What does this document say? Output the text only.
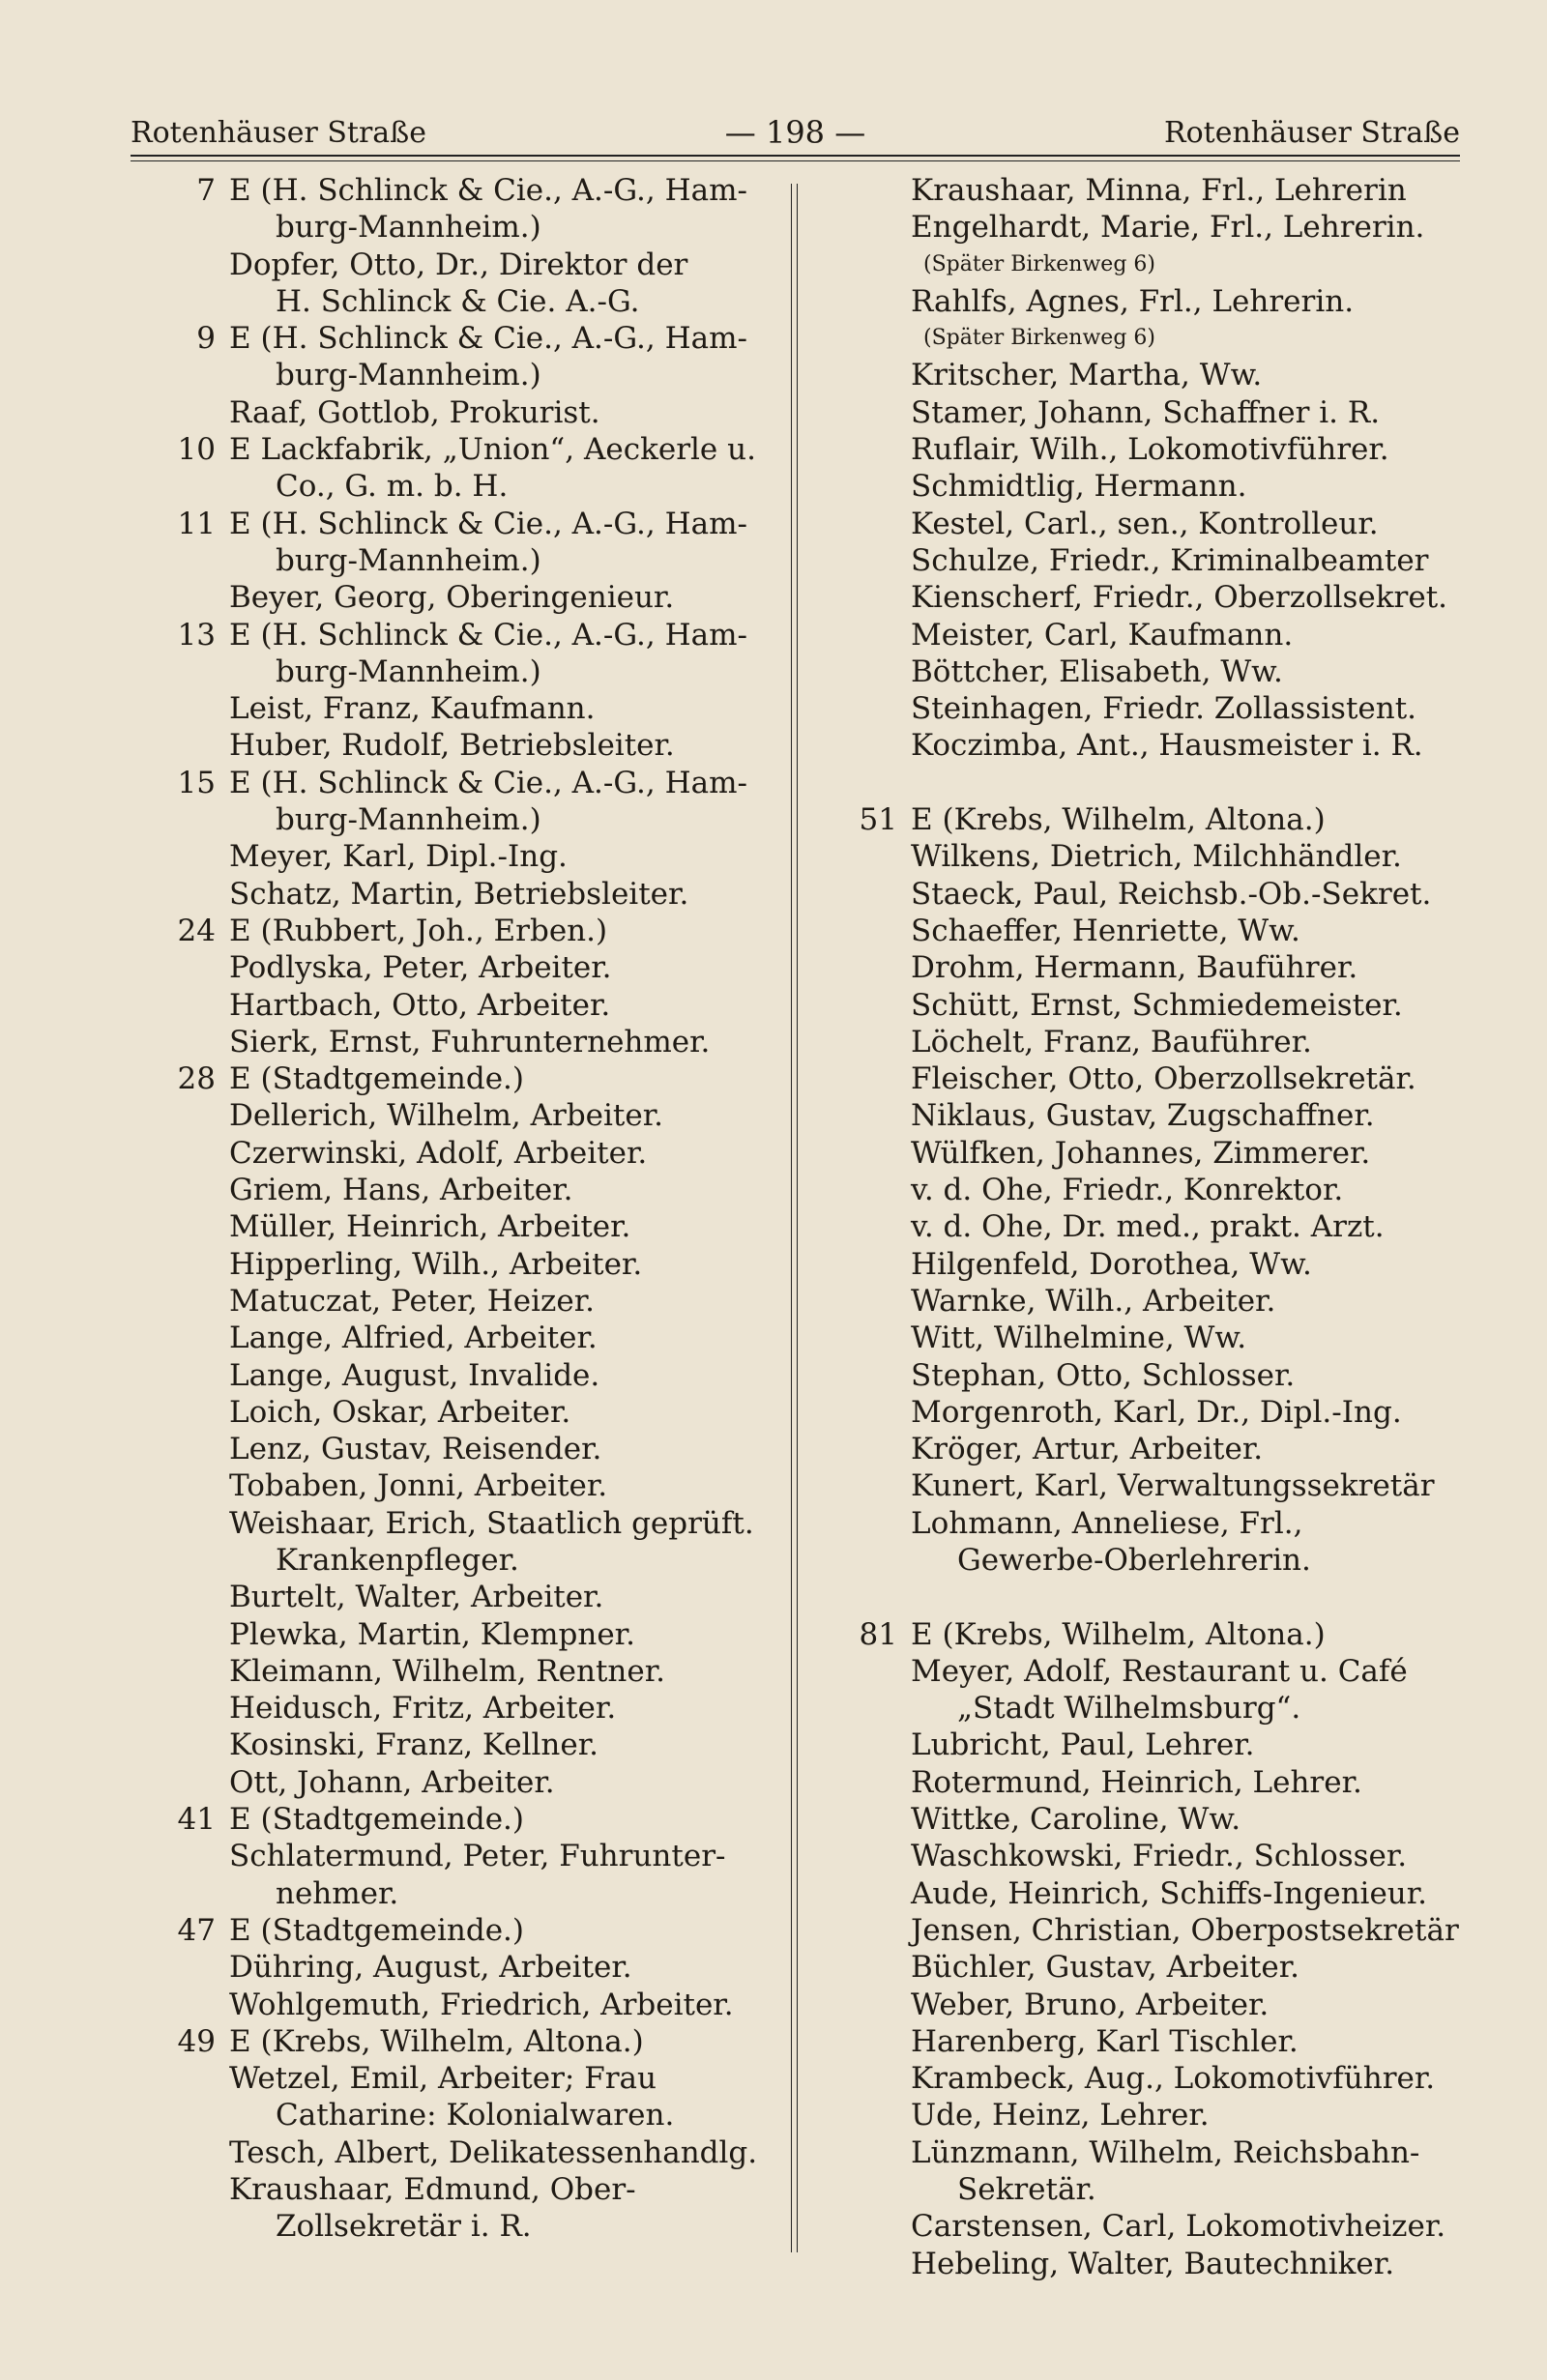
Rotenhäuser Straße	— 198 —	Rotenhäuser Straße
7 E (H. Schlinck & Cie., A.-G., Ham-
burg-Mannheim.)
Dopfer, Otto, Dr., Direktor der
H. Schlinck & Cie. A.-G.
9 E (H. Schlinck & Cie., A.-G., Ham-
burg-Mannheim.)
Raaf, Gottlob, Prokurist.
10 E Lackfabrik, „Union“, Aeckerle u.
Co., G. m. b. H.
11 E (H. Schlinck & Cie., A.-G., Ham-
burg-Mannheim.)
Beyer, Georg, Oberingenieur.
13 E (H. Schlinck & Cie., A.-G., Ham-
burg-Mannheim.)
Leist, Franz, Kaufmann.
Huber, Rudolf, Betriebsleiter.
15 E (H. Schlinck & Cie., A.-G., Ham-
burg-Mannheim.)
Meyer, Karl, Dipl.-Ing.
Schatz, Martin, Betriebsleiter.
24 E (Rubbert, Joh., Erben.)
Podlyska, Peter, Arbeiter.
Hartbach, Otto, Arbeiter.
Sierk, Ernst, Fuhrunternehmer.
28 E (Stadtgemeinde.)
Dellerich, Wilhelm, Arbeiter.
Czerwinski, Adolf, Arbeiter.
Griem, Hans, Arbeiter.
Müller, Heinrich, Arbeiter.
Hipperling, Wilh., Arbeiter.
Matuczat, Peter, Heizer.
Lange, Alfried, Arbeiter.
Lange, August, Invalide.
Loich, Oskar, Arbeiter.
Lenz, Gustav, Reisender.
Tobaben, Jonni, Arbeiter.
Weishaar, Erich, Staatlich geprüft.
Krankenpfleger.
Burtelt, Walter, Arbeiter.
Plewka, Martin, Klempner.
Kleimann, Wilhelm, Rentner.
Heidusch, Fritz, Arbeiter.
Kosinski, Franz, Kellner.
Ott, Johann, Arbeiter.
41 E (Stadtgemeinde.)
Schlatermund, Peter, Fuhrunter-
nehmer.
47 E (Stadtgemeinde.)
Dühring, August, Arbeiter.
Wohlgemuth, Friedrich, Arbeiter.
49 E (Krebs, Wilhelm, Altona.)
Wetzel, Emil, Arbeiter; Frau
Catharine: Kolonialwaren.
Tesch, Albert, Delikatessenhandlg.
Kraushaar, Edmund, Ober-
Zollsekretär i. R.
Kraushaar, Minna, Frl., Lehrerin
Engelhardt, Marie, Frl., Lehrerin.
(Später Birkenweg 6)
Rahlfs, Agnes, Frl., Lehrerin.
(Später Birkenweg 6)
Kritscher, Martha, Ww.
Stamer, Johann, Schaffner i. R.
Ruflair, Wilh., Lokomotivführer.
Schmidtlig, Hermann.
Kestel, Carl., sen., Kontrolleur.
Schulze, Friedr., Kriminalbeamter
Kienscherf, Friedr., Oberzollsekret.
Meister, Carl, Kaufmann.
Böttcher, Elisabeth, Ww.
Steinhagen, Friedr. Zollassistent.
Koczimba, Ant., Hausmeister i. R.
51 E (Krebs, Wilhelm, Altona.)
Wilkens, Dietrich, Milchhändler.
Staeck, Paul, Reichsb.-Ob.-Sekret.
Schaeffer, Henriette, Ww.
Drohm, Hermann, Bauführer.
Schütt, Ernst, Schmiedemeister.
Löchelt, Franz, Bauführer.
Fleischer, Otto, Oberzollsekretär.
Niklaus, Gustav, Zugschaffner.
Wülfken, Johannes, Zimmerer.
v. d. Ohe, Friedr., Konrektor.
v. d. Ohe, Dr. med., prakt. Arzt.
Hilgenfeld, Dorothea, Ww.
Warnke, Wilh., Arbeiter.
Witt, Wilhelmine, Ww.
Stephan, Otto, Schlosser.
Morgenroth, Karl, Dr., Dipl.-Ing.
Kröger, Artur, Arbeiter.
Kunert, Karl, Verwaltungssekretär
Lohmann, Anneliese, Frl.,
Gewerbe-Oberlehrerin.
81 E (Krebs, Wilhelm, Altona.)
Meyer, Adolf, Restaurant u. Café
„Stadt Wilhelmsburg“.
Lubricht, Paul, Lehrer.
Rotermund, Heinrich, Lehrer.
Wittke, Caroline, Ww.
Waschkowski, Friedr., Schlosser.
Aude, Heinrich, Schiffs-Ingenieur.
Jensen, Christian, Oberpostsekretär
Büchler, Gustav, Arbeiter.
Weber, Bruno, Arbeiter.
Harenberg, Karl Tischler.
Krambeck, Aug., Lokomotivführer.
Ude, Heinz, Lehrer.
Lünzmann, Wilhelm, Reichsbahn-
Sekretär.
Carstensen, Carl, Lokomotivheizer.
Hebeling, Walter, Bautechniker.
